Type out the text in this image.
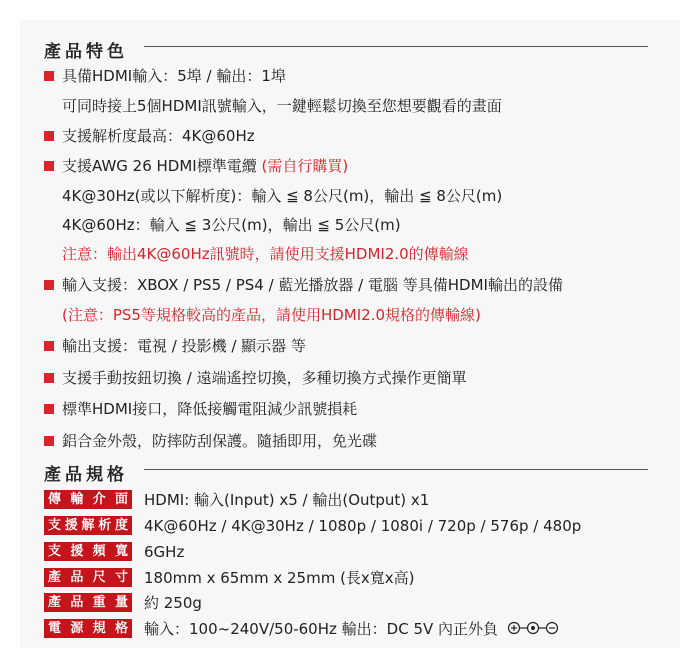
產品特色
具備HDMI輸入：5埠 / 輸出：1埠
可同時接上5個HDMI訊號輸入，一鍵輕鬆切換至您想要觀看的畫面
支援解析度最高：4K@60Hz
支援AWG 26 HDMI標準電纜 (需自行購買)
4K@30Hz(或以下解析度)：輸入 ≦ 8公尺(m)，輸出 ≦ 8公尺(m)
4K@60Hz：輸入 ≦ 3公尺(m)，輸出 ≦ 5公尺(m)
注意：輸出4K@60Hz訊號時，請使用支援HDMI2.0的傳輸線
輸入支援：XBOX / PS5 / PS4 / 藍光播放器 / 電腦 等具備HDMI輸出的設備
(注意：PS5等規格較高的產品，請使用HDMI2.0規格的傳輸線)
輸出支援：電視 / 投影機 / 顯示器 等
支援手動按鈕切換 / 遠端遙控切換，多種切換方式操作更簡單
標準HDMI接口，降低接觸電阻減少訊號損耗
鋁合金外殼，防摔防刮保護。隨插即用，免光碟
產品規格
傳輸介面 HDMI: 輸入(Input) x5 / 輸出(Output) x1
支援解析度 4K@60Hz / 4K@30Hz / 1080p / 1080i / 720p / 576p / 480p
支援頻寬 6GHz
產品尺寸 180mm x 65mm x 25mm (長x寬x高)
產品重量 約 250g
電源規格 輸入：100~240V/50-60Hz 輸出：DC 5V 內正外負
